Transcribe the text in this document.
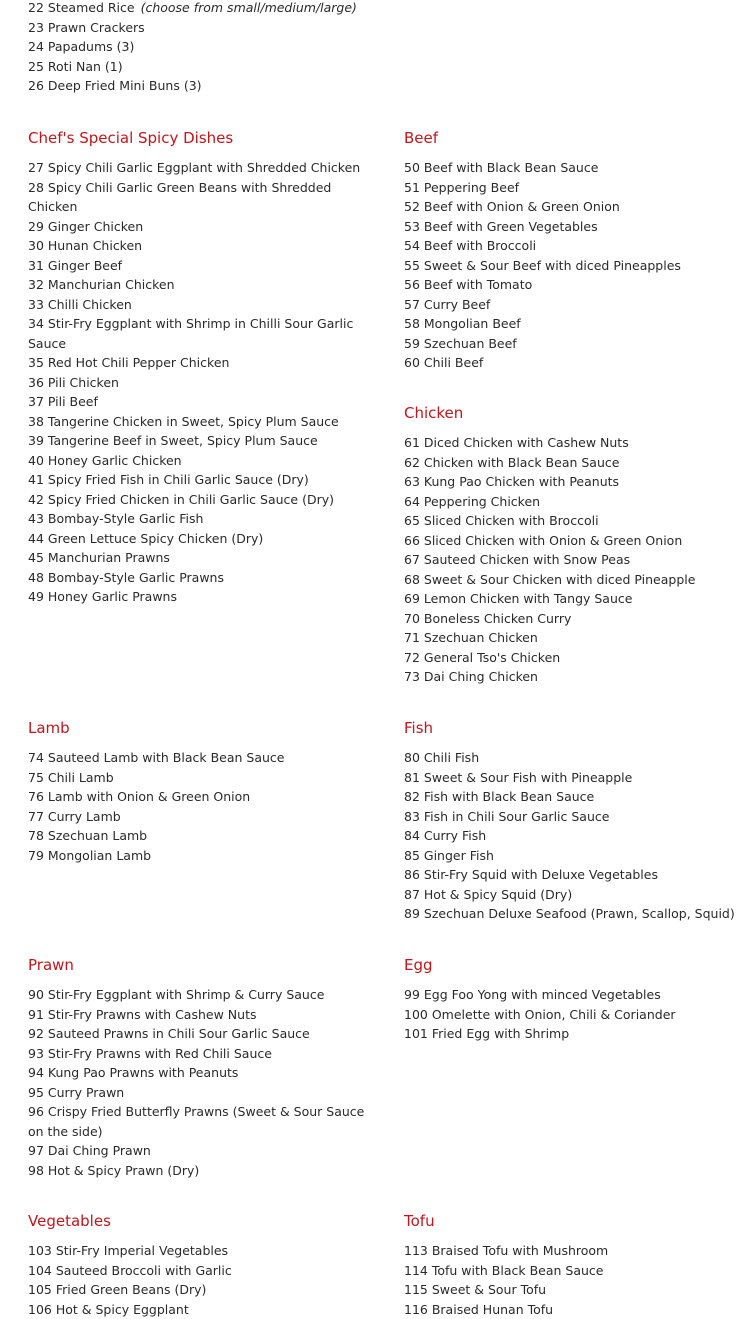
22 Steamed Rice (choose from small/medium/large)
23 Prawn Crackers
24 Papadums (3)
25 Roti Nan (1)
26 Deep Fried Mini Buns (3)
Chef's Special Spicy Dishes
27 Spicy Chili Garlic Eggplant with Shredded Chicken
28 Spicy Chili Garlic Green Beans with Shredded Chicken
29 Ginger Chicken
30 Hunan Chicken
31 Ginger Beef
32 Manchurian Chicken
33 Chilli Chicken
34 Stir-Fry Eggplant with Shrimp in Chilli Sour Garlic Sauce
35 Red Hot Chili Pepper Chicken
36 Pili Chicken
37 Pili Beef
38 Tangerine Chicken in Sweet, Spicy Plum Sauce
39 Tangerine Beef in Sweet, Spicy Plum Sauce
40 Honey Garlic Chicken
41 Spicy Fried Fish in Chili Garlic Sauce (Dry)
42 Spicy Fried Chicken in Chili Garlic Sauce (Dry)
43 Bombay-Style Garlic Fish
44 Green Lettuce Spicy Chicken (Dry)
45 Manchurian Prawns
48 Bombay-Style Garlic Prawns
49 Honey Garlic Prawns
Beef
50 Beef with Black Bean Sauce
51 Peppering Beef
52 Beef with Onion & Green Onion
53 Beef with Green Vegetables
54 Beef with Broccoli
55 Sweet & Sour Beef with diced Pineapples
56 Beef with Tomato
57 Curry Beef
58 Mongolian Beef
59 Szechuan Beef
60 Chili Beef
Chicken
61 Diced Chicken with Cashew Nuts
62 Chicken with Black Bean Sauce
63 Kung Pao Chicken with Peanuts
64 Peppering Chicken
65 Sliced Chicken with Broccoli
66 Sliced Chicken with Onion & Green Onion
67 Sauteed Chicken with Snow Peas
68 Sweet & Sour Chicken with diced Pineapple
69 Lemon Chicken with Tangy Sauce
70 Boneless Chicken Curry
71 Szechuan Chicken
72 General Tso's Chicken
73 Dai Ching Chicken
Lamb
74 Sauteed Lamb with Black Bean Sauce
75 Chili Lamb
76 Lamb with Onion & Green Onion
77 Curry Lamb
78 Szechuan Lamb
79 Mongolian Lamb
Fish
80 Chili Fish
81 Sweet & Sour Fish with Pineapple
82 Fish with Black Bean Sauce
83 Fish in Chili Sour Garlic Sauce
84 Curry Fish
85 Ginger Fish
86 Stir-Fry Squid with Deluxe Vegetables
87 Hot & Spicy Squid (Dry)
89 Szechuan Deluxe Seafood (Prawn, Scallop, Squid)
Prawn
90 Stir-Fry Eggplant with Shrimp & Curry Sauce
91 Stir-Fry Prawns with Cashew Nuts
92 Sauteed Prawns in Chili Sour Garlic Sauce
93 Stir-Fry Prawns with Red Chili Sauce
94 Kung Pao Prawns with Peanuts
95 Curry Prawn
96 Crispy Fried Butterfly Prawns (Sweet & Sour Sauce on the side)
97 Dai Ching Prawn
98 Hot & Spicy Prawn (Dry)
Egg
99 Egg Foo Yong with minced Vegetables
100 Omelette with Onion, Chili & Coriander
101 Fried Egg with Shrimp
Vegetables
103 Stir-Fry Imperial Vegetables
104 Sauteed Broccoli with Garlic
105 Fried Green Beans (Dry)
106 Hot & Spicy Eggplant
Tofu
113 Braised Tofu with Mushroom
114 Tofu with Black Bean Sauce
115 Sweet & Sour Tofu
116 Braised Hunan Tofu
